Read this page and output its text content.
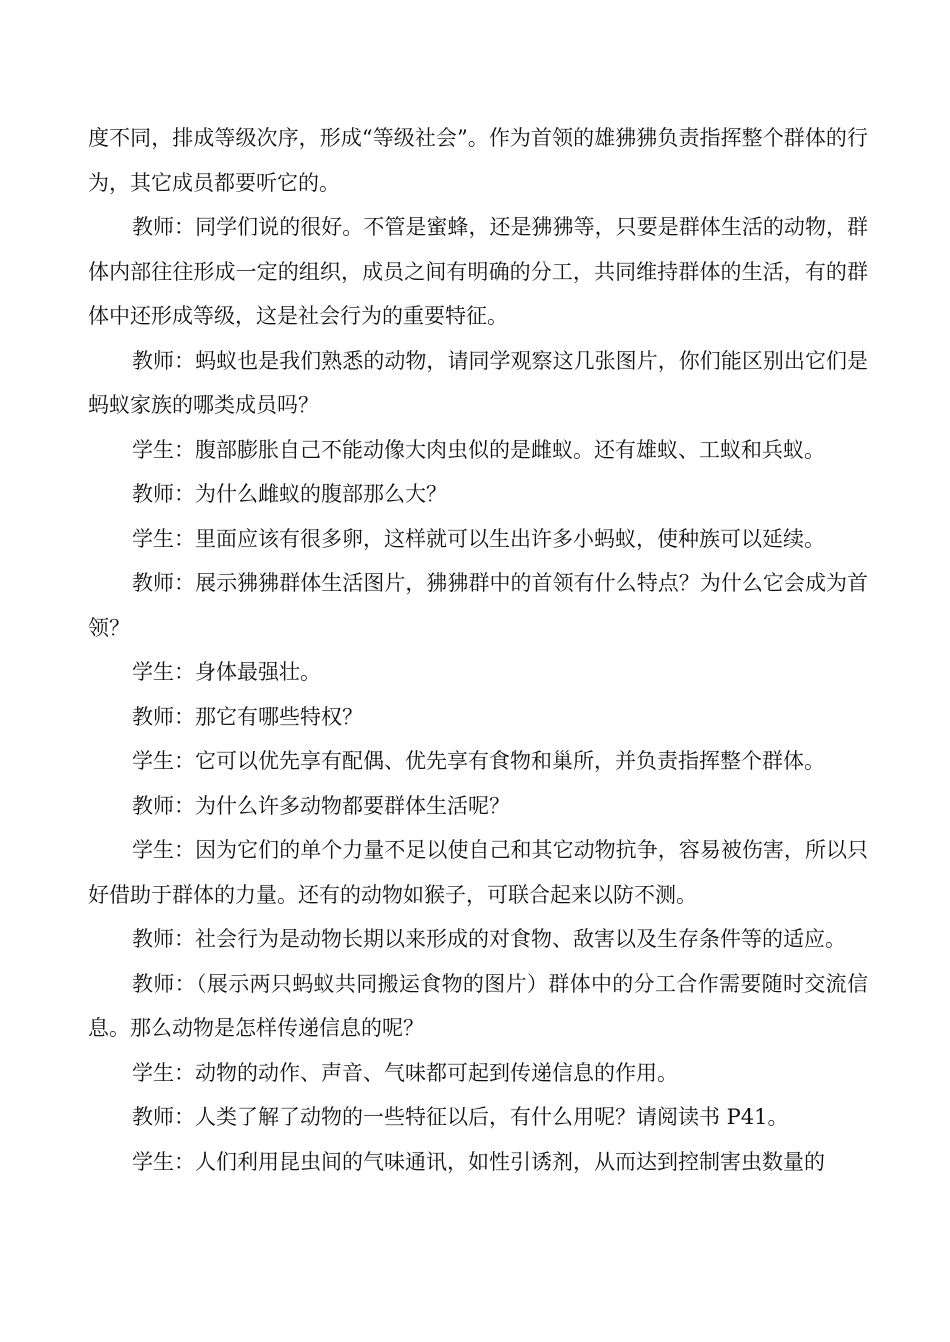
度不同，排成等级次序，形成“等级社会”。作为首领的雄狒狒负责指挥整个群体的行为，其它成员都要听它的。

教师：同学们说的很好。不管是蜜蜂，还是狒狒等，只要是群体生活的动物，群体内部往往形成一定的组织，成员之间有明确的分工，共同维持群体的生活，有的群体中还形成等级，这是社会行为的重要特征。

教师：蚂蚁也是我们熟悉的动物，请同学观察这几张图片，你们能区别出它们是蚂蚁家族的哪类成员吗？

学生：腹部膨胀自己不能动像大肉虫似的是雌蚁。还有雄蚁、工蚁和兵蚁。

教师：为什么雌蚁的腹部那么大？

学生：里面应该有很多卵，这样就可以生出许多小蚂蚁，使种族可以延续。

教师：展示狒狒群体生活图片，狒狒群中的首领有什么特点？为什么它会成为首领？

学生：身体最强壮。

教师：那它有哪些特权？

学生：它可以优先享有配偶、优先享有食物和巢所，并负责指挥整个群体。

教师：为什么许多动物都要群体生活呢？

学生：因为它们的单个力量不足以使自己和其它动物抗争，容易被伤害，所以只好借助于群体的力量。还有的动物如猴子，可联合起来以防不测。

教师：社会行为是动物长期以来形成的对食物、敌害以及生存条件等的适应。

教师：（展示两只蚂蚁共同搬运食物的图片）群体中的分工合作需要随时交流信息。那么动物是怎样传递信息的呢？

学生：动物的动作、声音、气味都可起到传递信息的作用。

教师：人类了解了动物的一些特征以后，有什么用呢？请阅读书 P41。

学生：人们利用昆虫间的气味通讯，如性引诱剂，从而达到控制害虫数量的
